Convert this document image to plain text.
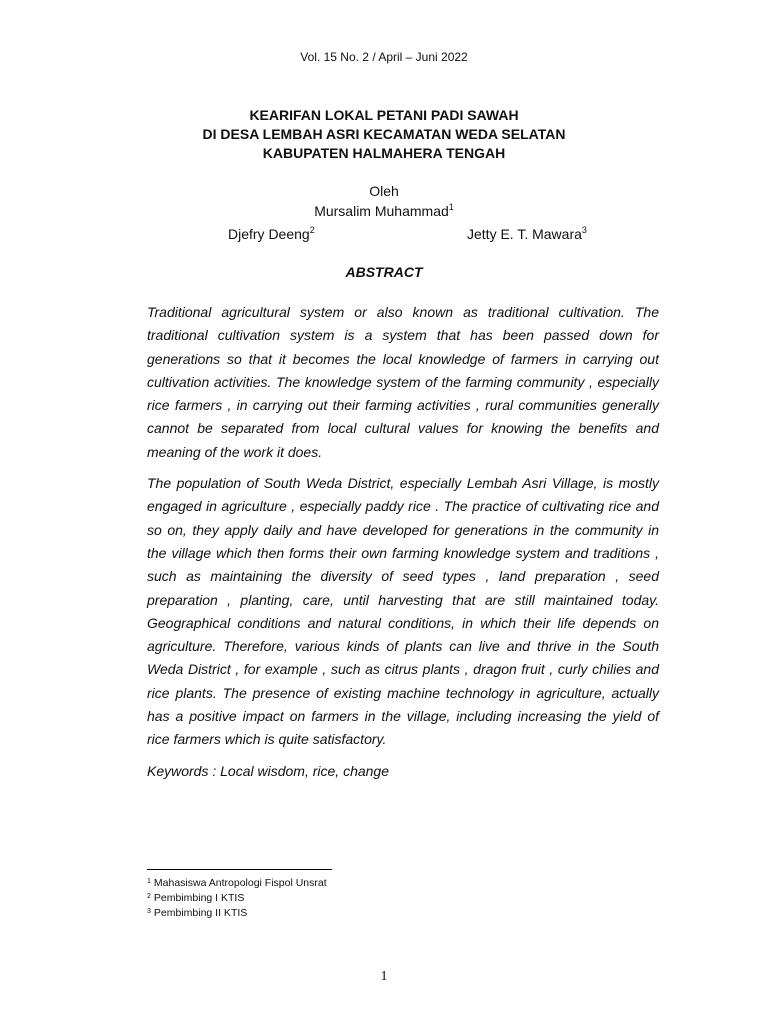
Vol. 15 No. 2 / April – Juni 2022
KEARIFAN LOKAL PETANI PADI SAWAH
DI DESA LEMBAH ASRI KECAMATAN WEDA SELATAN
KABUPATEN HALMAHERA TENGAH
Oleh
Mursalim Muhammad$^1$
Djefry Deeng$^2$	Jetty E. T. Mawara$^3$
ABSTRACT

Traditional agricultural system or also known as traditional cultivation. The traditional cultivation system is a system that has been passed down for generations so that it becomes the local knowledge of farmers in carrying out cultivation activities. The knowledge system of the farming community , especially rice farmers , in carrying out their farming activities , rural communities generally cannot be separated from local cultural values for knowing the benefits and meaning of the work it does.

The population of South Weda District, especially Lembah Asri Village, is mostly engaged in agriculture , especially paddy rice . The practice of cultivating rice and so on, they apply daily and have developed for generations in the community in the village which then forms their own farming knowledge system and traditions , such as maintaining the diversity of seed types , land preparation , seed preparation , planting, care, until harvesting that are still maintained today. Geographical conditions and natural conditions, in which their life depends on agriculture. Therefore, various kinds of plants can live and thrive in the South Weda District , for example , such as citrus plants , dragon fruit , curly chilies and rice plants. The presence of existing machine technology in agriculture, actually has a positive impact on farmers in the village, including increasing the yield of rice farmers which is quite satisfactory.

Keywords : Local wisdom, rice, change

$^1$ Mahasiswa Antropologi Fispol Unsrat
$^2$ Pembimbing I KTIS
$^3$ Pembimbing II KTIS
1
